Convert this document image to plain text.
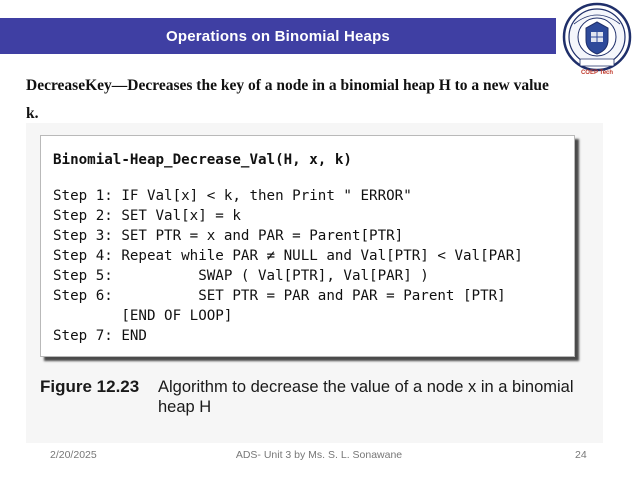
Operations on Binomial Heaps
COEP Tech
DecreaseKey—Decreases the key of a node in a binomial heap H to a new value
k.
Binomial-Heap_Decrease_Val(H, x, k)
Step 1: IF Val[x] < k, then Print " ERROR"
Step 2: SET Val[x] = k
Step 3: SET PTR = x and PAR = Parent[PTR]
Step 4: Repeat while PAR ≠ NULL and Val[PTR] < Val[PAR]
Step 5:          SWAP ( Val[PTR], Val[PAR] )
Step 6:          SET PTR = PAR and PAR = Parent [PTR]
[END OF LOOP]
Step 7: END
Figure 12.23 Algorithm to decrease the value of a node x in a binomial heap H
2/20/2025	ADS- Unit 3 by Ms. S. L. Sonawane	24
